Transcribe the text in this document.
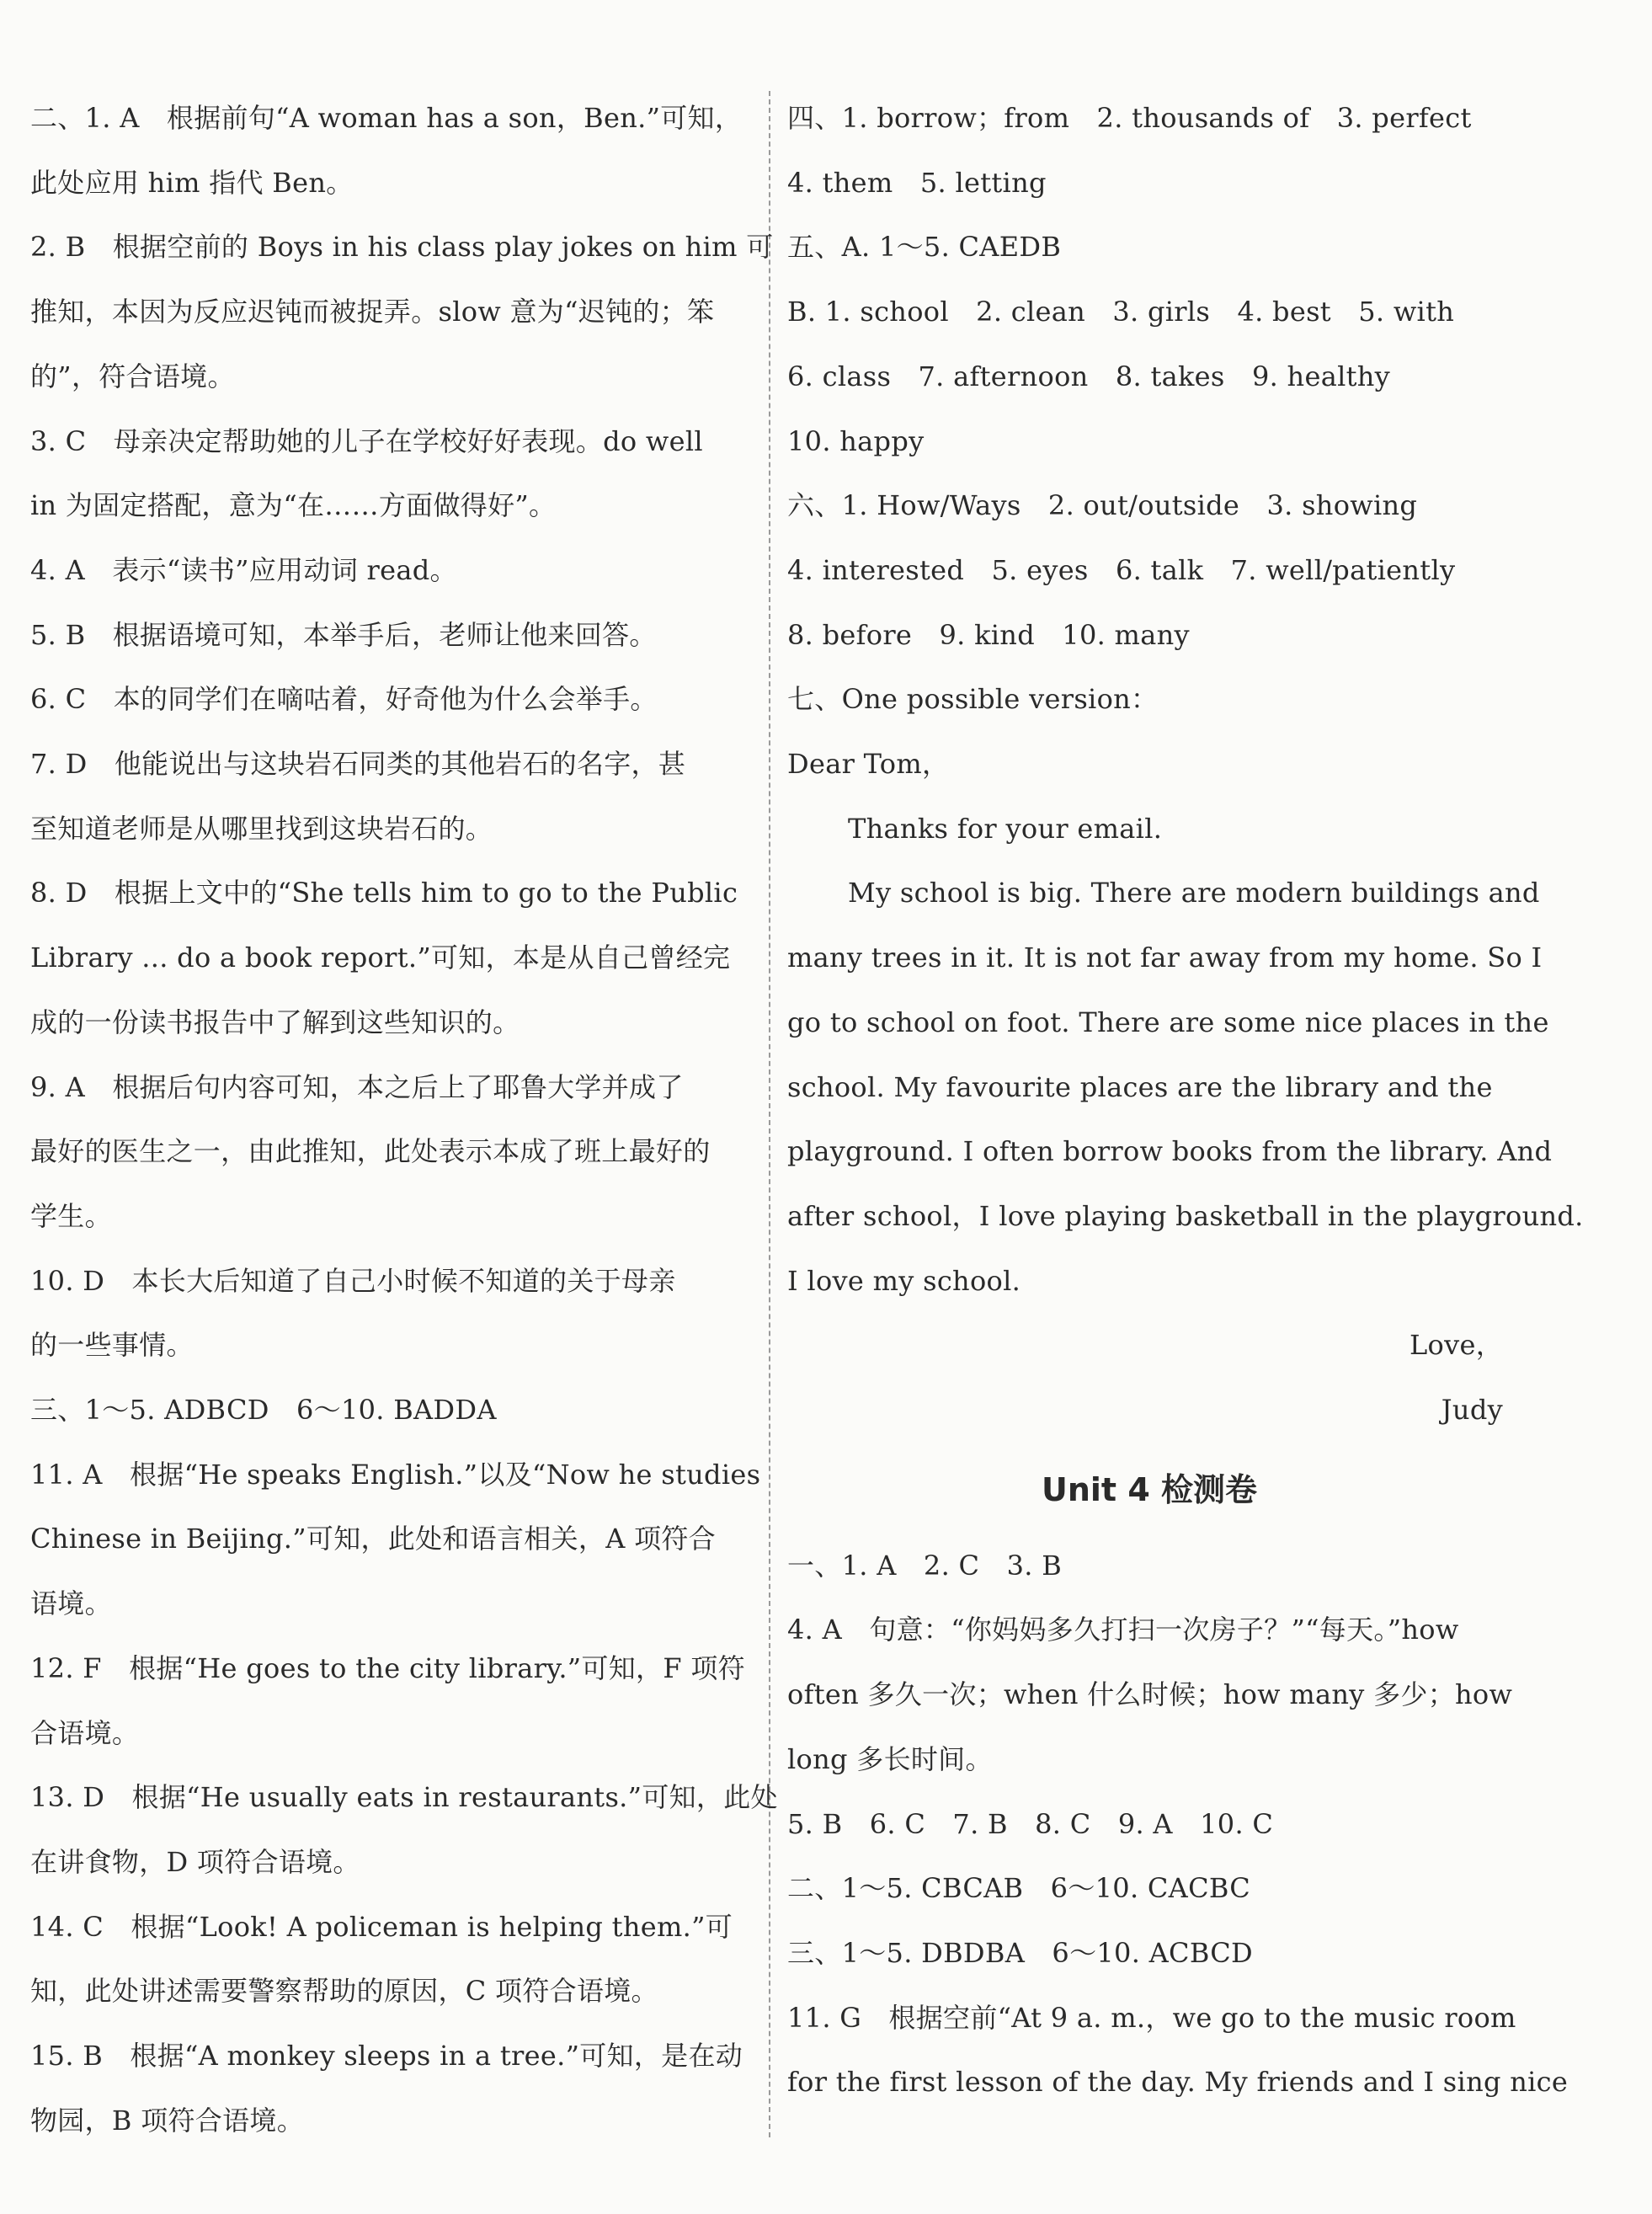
二、1. A　根据前句“A woman has a son，Ben.”可知，
此处应用 him 指代 Ben。
2. B　根据空前的 Boys in his class play jokes on him 可
推知，本因为反应迟钝而被捉弄。slow 意为“迟钝的；笨
的”，符合语境。
3. C　母亲决定帮助她的儿子在学校好好表现。do well
in 为固定搭配，意为“在……方面做得好”。
4. A　表示“读书”应用动词 read。
5. B　根据语境可知，本举手后，老师让他来回答。
6. C　本的同学们在嘀咕着，好奇他为什么会举手。
7. D　他能说出与这块岩石同类的其他岩石的名字，甚
至知道老师是从哪里找到这块岩石的。
8. D　根据上文中的“She tells him to go to the Public
Library ... do a book report.”可知，本是从自己曾经完
成的一份读书报告中了解到这些知识的。
9. A　根据后句内容可知，本之后上了耶鲁大学并成了
最好的医生之一，由此推知，此处表示本成了班上最好的
学生。
10. D　本长大后知道了自己小时候不知道的关于母亲
的一些事情。
三、1～5. ADBCD　6～10. BADDA
11. A　根据“He speaks English.”以及“Now he studies
Chinese in Beijing.”可知，此处和语言相关，A 项符合
语境。
12. F　根据“He goes to the city library.”可知，F 项符
合语境。
13. D　根据“He usually eats in restaurants.”可知，此处
在讲食物，D 项符合语境。
14. C　根据“Look! A policeman is helping them.”可
知，此处讲述需要警察帮助的原因，C 项符合语境。
15. B　根据“A monkey sleeps in a tree.”可知，是在动
物园，B 项符合语境。
四、1. borrow；from　2. thousands of　3. perfect
4. them　5. letting
五、A. 1～5. CAEDB
B. 1. school　2. clean　3. girls　4. best　5. with
6. class　7. afternoon　8. takes　9. healthy
10. happy
六、1. How/Ways　2. out/outside　3. showing
4. interested　5. eyes　6. talk　7. well/patiently
8. before　9. kind　10. many
七、One possible version：
Dear Tom，
Thanks for your email.
My school is big. There are modern buildings and
many trees in it. It is not far away from my home. So I
go to school on foot. There are some nice places in the
school. My favourite places are the library and the
playground. I often borrow books from the library. And
after school，I love playing basketball in the playground.
I love my school.
Love，
Judy
Unit 4 检测卷
一、1. A　2. C　3. B
4. A　句意：“你妈妈多久打扫一次房子？”“每天。”how
often 多久一次；when 什么时候；how many 多少；how
long 多长时间。
5. B　6. C　7. B　8. C　9. A　10. C
二、1～5. CBCAB　6～10. CACBC
三、1～5. DBDBA　6～10. ACBCD
11. G　根据空前“At 9 a. m.，we go to the music room
for the first lesson of the day. My friends and I sing nice
